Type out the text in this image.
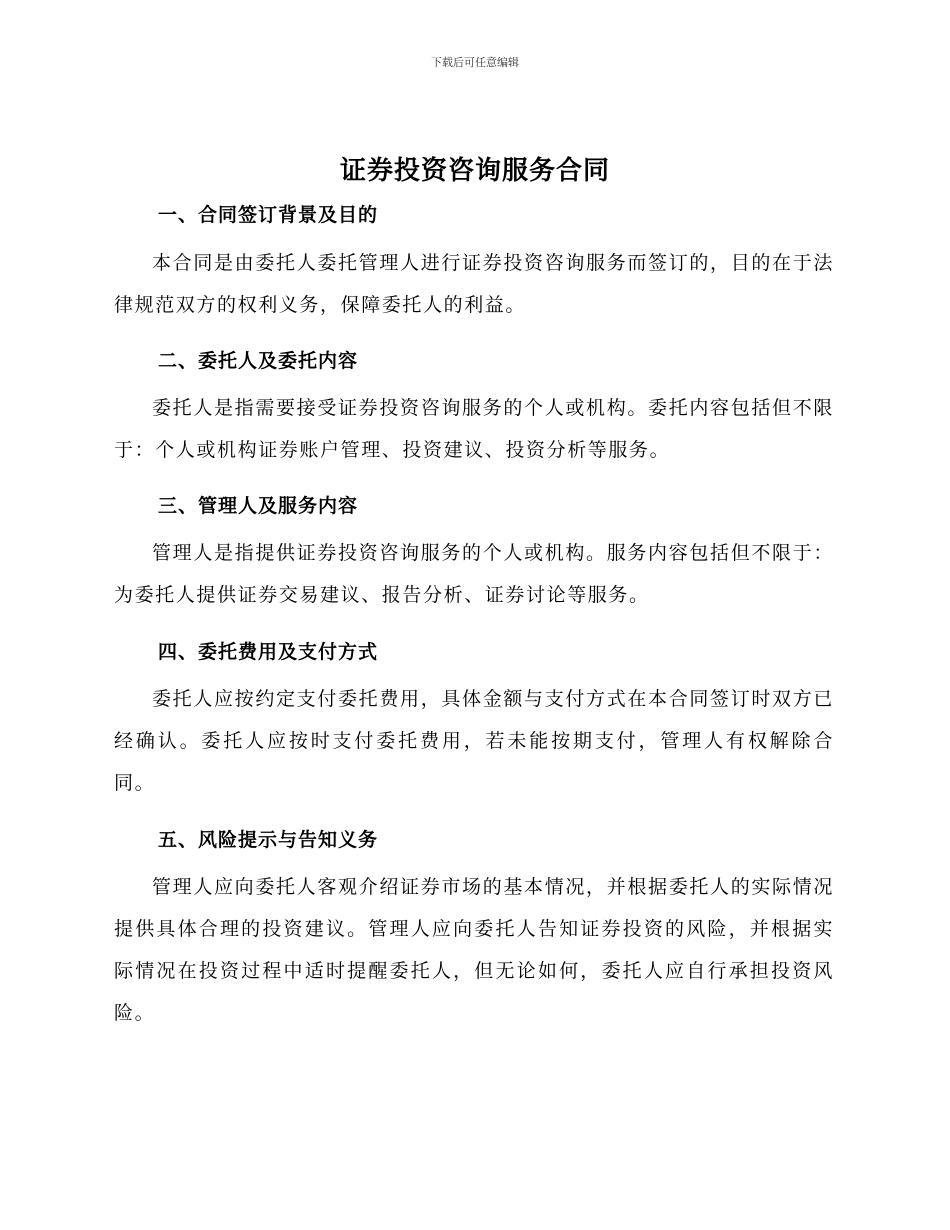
下载后可任意编辑
证券投资咨询服务合同
一、合同签订背景及目的
本合同是由委托人委托管理人进行证券投资咨询服务而签订的，目的在于法律规范双方的权利义务，保障委托人的利益。
二、委托人及委托内容
委托人是指需要接受证券投资咨询服务的个人或机构。委托内容包括但不限于：个人或机构证券账户管理、投资建议、投资分析等服务。
三、管理人及服务内容
管理人是指提供证券投资咨询服务的个人或机构。服务内容包括但不限于：为委托人提供证券交易建议、报告分析、证券讨论等服务。
四、委托费用及支付方式
委托人应按约定支付委托费用，具体金额与支付方式在本合同签订时双方已经确认。委托人应按时支付委托费用，若未能按期支付，管理人有权解除合同。
五、风险提示与告知义务
管理人应向委托人客观介绍证券市场的基本情况，并根据委托人的实际情况提供具体合理的投资建议。管理人应向委托人告知证券投资的风险，并根据实际情况在投资过程中适时提醒委托人，但无论如何，委托人应自行承担投资风险。
